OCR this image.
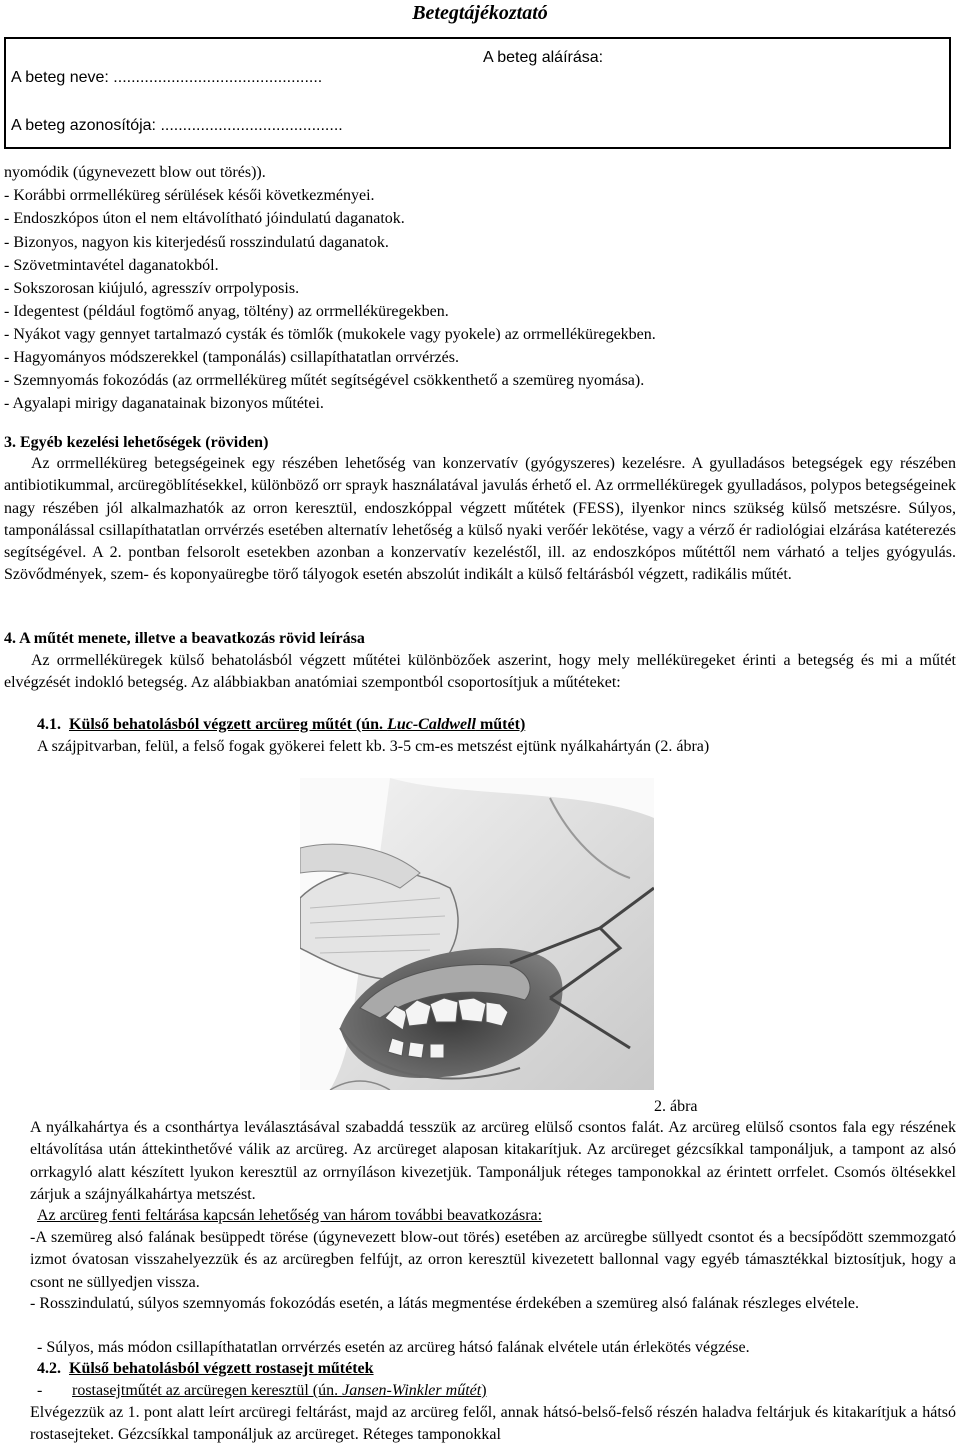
Betegtájékoztató
A beteg neve: ...............................................
A beteg azonosítója: .........................................
A beteg aláírása:
nyomódik (úgynevezett blow out törés)).
- Korábbi orrmelléküreg sérülések késői következményei.
- Endoszkópos úton el nem eltávolítható jóindulatú daganatok.
- Bizonyos, nagyon kis kiterjedésű rosszindulatú daganatok.
- Szövetmintavétel daganatokból.
- Sokszorosan kiújuló, agresszív orrpolyposis.
- Idegentest (például fogtömő anyag, töltény) az orrmelléküregekben.
- Nyákot vagy gennyet tartalmazó cysták és tömlők (mukokele vagy pyokele) az orrmelléküregekben.
- Hagyományos módszerekkel (tamponálás) csillapíthatatlan orrvérzés.
- Szemnyomás fokozódás (az orrmelléküreg műtét segítségével csökkenthető a szemüreg nyomása).
- Agyalapi mirigy daganatainak bizonyos műtétei.
3. Egyéb kezelési lehetőségek (röviden)
Az orrmelléküreg betegségeinek egy részében lehetőség van konzervatív (gyógyszeres) kezelésre. A gyulladásos betegségek egy részében antibiotikummal, arcüregöblítésekkel, különböző orr sprayk használatával javulás érhető el. Az orrmelléküregek gyulladásos, polypos betegségeinek nagy részében jól alkalmazhatók az orron keresztül, endoszkóppal végzett műtétek (FESS), ilyenkor nincs szükség külső metszésre. Súlyos, tamponálással csillapíthatatlan orrvérzés esetében alternatív lehetőség a külső nyaki verőér lekötése, vagy a vérző ér radiológiai elzárása katéterezés segítségével. A 2. pontban felsorolt esetekben azonban a konzervatív kezeléstől, ill. az endoszkópos műtéttől nem várható a teljes gyógyulás. Szövődmények, szem- és koponyaüregbe törő tályogok esetén abszolút indikált a külső feltárásból végzett, radikális műtét.
4. A műtét menete, illetve a beavatkozás rövid leírása
Az orrmelléküregek külső behatolásból végzett műtétei különbözőek aszerint, hogy mely melléküregeket érinti a betegség és mi a műtét elvégzését indokló betegség. Az alábbiakban anatómiai szempontból csoportosítjuk a műtéteket:
4.1. Külső behatolásból végzett arcüreg műtét (ún. Luc-Caldwell műtét)
A szájpitvarban, felül, a felső fogak gyökerei felett kb. 3-5 cm-es metszést ejtünk nyálkahártyán (2. ábra)
2. ábra
A nyálkahártya és a csonthártya leválasztásával szabaddá tesszük az arcüreg elülső csontos falát. Az arcüreg elülső csontos fala egy részének eltávolítása után áttekinthetővé válik az arcüreg. Az arcüreget alaposan kitakarítjuk. Az arcüreget gézcsíkkal tamponáljuk, a tampont az alsó orrkagyló alatt készített lyukon keresztül az orrnyíláson kivezetjük. Tamponáljuk réteges tamponokkal az érintett orrfelet. Csomós öltésekkel zárjuk a szájnyálkahártya metszést.
Az arcüreg fenti feltárása kapcsán lehetőség van három további beavatkozásra:
-A szemüreg alsó falának besüppedt törése (úgynevezett blow-out törés) esetében az arcüregbe süllyedt csontot és a becsípődött szemmozgató izmot óvatosan visszahelyezzük és az arcüregben felfújt, az orron keresztül kivezetett ballonnal vagy egyéb támasztékkal biztosítjuk, hogy a csont ne süllyedjen vissza.
- Rosszindulatú, súlyos szemnyomás fokozódás esetén, a látás megmentése érdekében a szemüreg alsó falának részleges elvétele.
- Súlyos, más módon csillapíthatatlan orrvérzés esetén az arcüreg hátsó falának elvétele után érlekötés végzése.
4.2. Külső behatolásból végzett rostasejt műtétek
- rostasejtműtét az arcüregen keresztül (ún. Jansen-Winkler műtét)
Elvégezzük az 1. pont alatt leírt arcüregi feltárást, majd az arcüreg felől, annak hátsó-belső-felső részén haladva feltárjuk és kitakarítjuk a hátsó rostasejteket. Gézcsíkkal tamponáljuk az arcüreget. Réteges tamponokkal
